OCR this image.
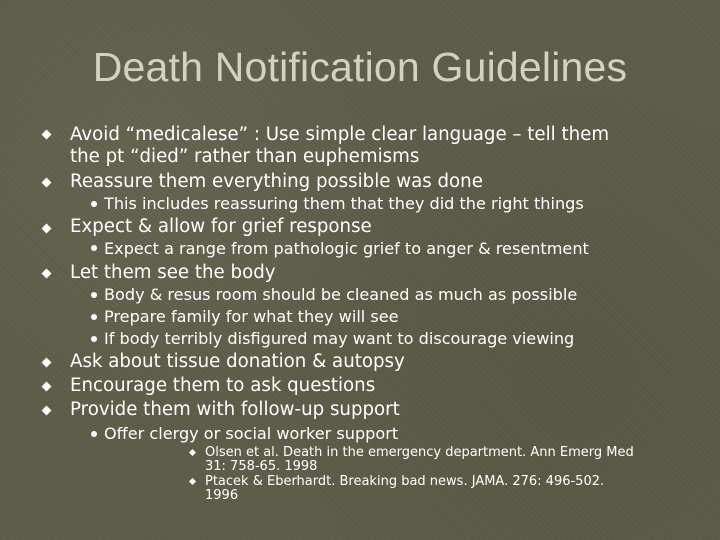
Death Notification Guidelines
Avoid “medicalese” : Use simple clear language – tell them
the pt “died” rather than euphemisms
Reassure them everything possible was done
This includes reassuring them that they did the right things
Expect & allow for grief response
Expect a range from pathologic grief to anger & resentment
Let them see the body
Body & resus room should be cleaned as much as possible
Prepare family for what they will see
If body terribly disfigured may want to discourage viewing
Ask about tissue donation & autopsy
Encourage them to ask questions
Provide them with follow-up support
Offer clergy or social worker support
Olsen et al. Death in the emergency department. Ann Emerg Med
31: 758-65. 1998
Ptacek & Eberhardt. Breaking bad news. JAMA. 276: 496-502.
1996
